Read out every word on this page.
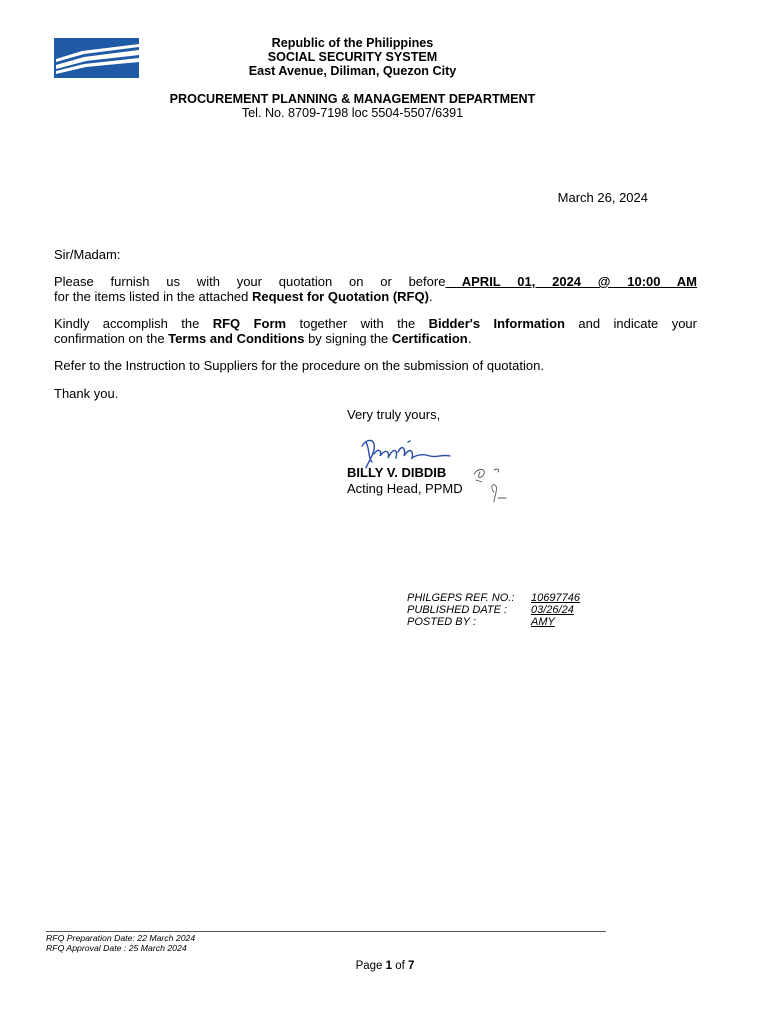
Republic of the Philippines
SOCIAL SECURITY SYSTEM
East Avenue, Diliman, Quezon City
PROCUREMENT PLANNING & MANAGEMENT DEPARTMENT
Tel. No. 8709-7198 loc 5504-5507/6391
March 26, 2024
Sir/Madam:
Please furnish us with your quotation on or before APRIL 01, 2024 @ 10:00 AM
for the items listed in the attached Request for Quotation (RFQ).
Kindly accomplish the RFQ Form together with the Bidder's Information and indicate your
confirmation on the Terms and Conditions by signing the Certification.
Refer to the Instruction to Suppliers for the procedure on the submission of quotation.
Thank you.
Very truly yours,
BILLY V. DIBDIB
Acting Head, PPMD
PHILGEPS REF. NO.: 10697746
PUBLISHED DATE : 03/26/24
POSTED BY :	AMY
RFQ Preparation Date: 22 March 2024
RFQ Approval Date : 25 March 2024
Page 1 of 7
